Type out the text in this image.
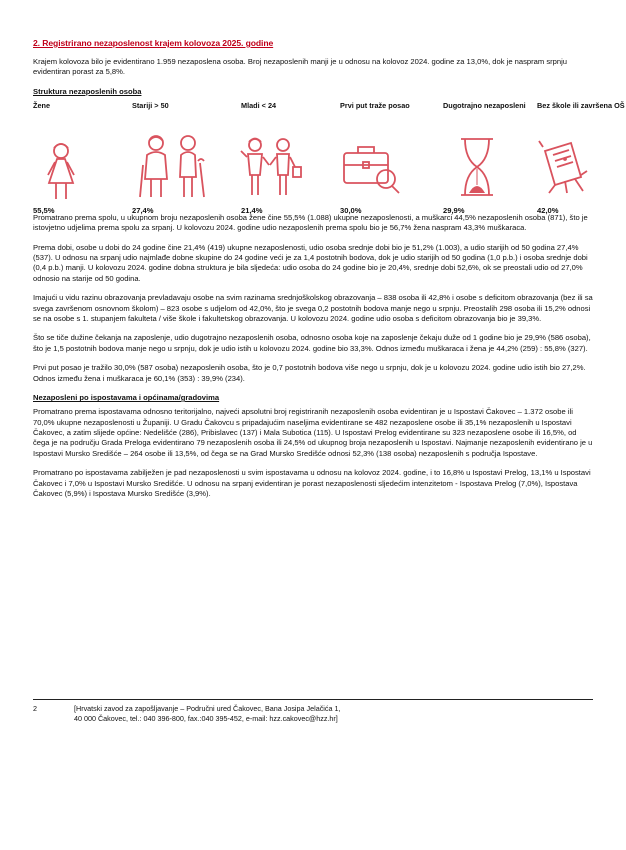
2. Registrirano nezaposlenost krajem kolovoza 2025. godine
Krajem kolovoza bilo je evidentirano 1.959 nezaposlena osoba. Broj nezaposlenih manji je u odnosu na kolovoz 2024. godine za 13,0%, dok je naspram srpnju evidentiran porast za 5,8%.
Struktura nezaposlenih osoba
Žene
55,5%
Stariji > 50
27,4%
Mladi < 24
21,4%
Prvi put traže posao
30,0%
Dugotrajno nezaposleni
29,9%
Bez škole ili završena OŠ
42,0%
Promatrano prema spolu, u ukupnom broju nezaposlenih osoba žene čine 55,5% (1.088) ukupne nezaposlenosti, a muškarci 44,5% nezaposlenih osoba (871), što je istovjetno udjelima prema spolu za srpanj. U kolovozu 2024. godine udio nezaposlenih prema spolu bio je 56,7% žena naspram 43,3% muškaraca.
Prema dobi, osobe u dobi do 24 godine čine 21,4% (419) ukupne nezaposlenosti, udio osoba srednje dobi bio je 51,2% (1.003), a udio starijih od 50 godina 27,4% (537). U odnosu na srpanj udio najmlađe dobne skupine do 24 godine veći je za 1,4 postotnih bodova, dok je udio starijih od 50 godina (1,0 p.b.) i osoba srednje dobi (0,4 p.b.) manji. U kolovozu 2024. godine dobna struktura je bila sljedeća: udio osoba do 24 godine bio je 20,4%, srednje dobi 52,6%, ok se preostali udio od 27,0% odnosio na starije od 50 godina.
Imajući u vidu razinu obrazovanja prevladavaju osobe na svim razinama srednjoškolskog obrazovanja – 838 osoba ili 42,8% i osobe s deficitom obrazovanja (bez ili sa svega završenom osnovnom školom) – 823 osobe s udjelom od 42,0%, što je svega 0,2 postotnih bodova manje nego u srpnju. Preostalih 298 osoba ili 15,2% odnosi se na osobe s 1. stupanjem fakulteta / više škole i fakultetskog obrazovanja. U kolovozu 2024. godine udio osoba s deficitom obrazovanja bio je 39,3%.
Što se tiče dužine čekanja na zaposlenje, udio dugotrajno nezaposlenih osoba, odnosno osoba koje na zaposlenje čekaju duže od 1 godine bio je 29,9% (586 osoba), što je 1,5 postotnih bodova manje nego u srpnju, dok je udio istih u kolovozu 2024. godine bio 33,3%. Odnos između muškaraca i žena je 44,2% (259) : 55,8% (327).
Prvi put posao je tražilo 30,0% (587 osoba) nezaposlenih osoba, što je 0,7 postotnih bodova više nego u srpnju, dok je u kolovozu 2024. godine udio istih bio 27,2%. Odnos između žena i muškaraca je 60,1% (353) : 39,9% (234).
Nezaposleni po ispostavama i općinama/gradovima
Promatrano prema ispostavama odnosno teritorijalno, najveći apsolutni broj registriranih nezaposlenih osoba evidentiran je u Ispostavi Čakovec – 1.372 osobe ili 70,0% ukupne nezaposlenosti u Županiji. U Gradu Čakovcu s pripadajućim naseljima evidentirane se 482 nezaposlene osobe ili 35,1% nezaposlenih u Ispostavi Čakovec, a zatim slijede općine: Nedelišće (286), Pribislavec (137) i Mala Subotica (115). U Ispostavi Prelog evidentirane su 323 nezaposlene osobe ili 16,5%, od čega je na području Grada Preloga evidentirano 79 nezaposlenih osoba ili 24,5% od ukupnog broja nezaposlenih u Ispostavi. Najmanje nezaposlenih evidentirano je u Ispostavi Mursko Središće – 264 osobe ili 13,5%, od čega se na Grad Mursko Središće odnosi 52,3% (138 osoba) nezaposlenih s područja Ispostave.
Promatrano po ispostavama zabilježen je pad nezaposlenosti u svim ispostavama u odnosu na kolovoz 2024. godine, i to 16,8% u Ispostavi Prelog, 13,1% u Ispostavi Čakovec i 7,0% u Ispostavi Mursko Središće. U odnosu na srpanj evidentiran je porast nezaposlenosti sljedećim intenzitetom - Ispostava Prelog (7,0%), Ispostava Čakovec (5,9%) i Ispostava Mursko Središće (3,9%).
2	[Hrvatski zavod za zapošljavanje – Područni ured Čakovec, Bana Josipa Jelačića 1,
40 000 Čakovec, tel.: 040 396-800, fax.:040 395-452, e-mail: hzz.cakovec@hzz.hr]
